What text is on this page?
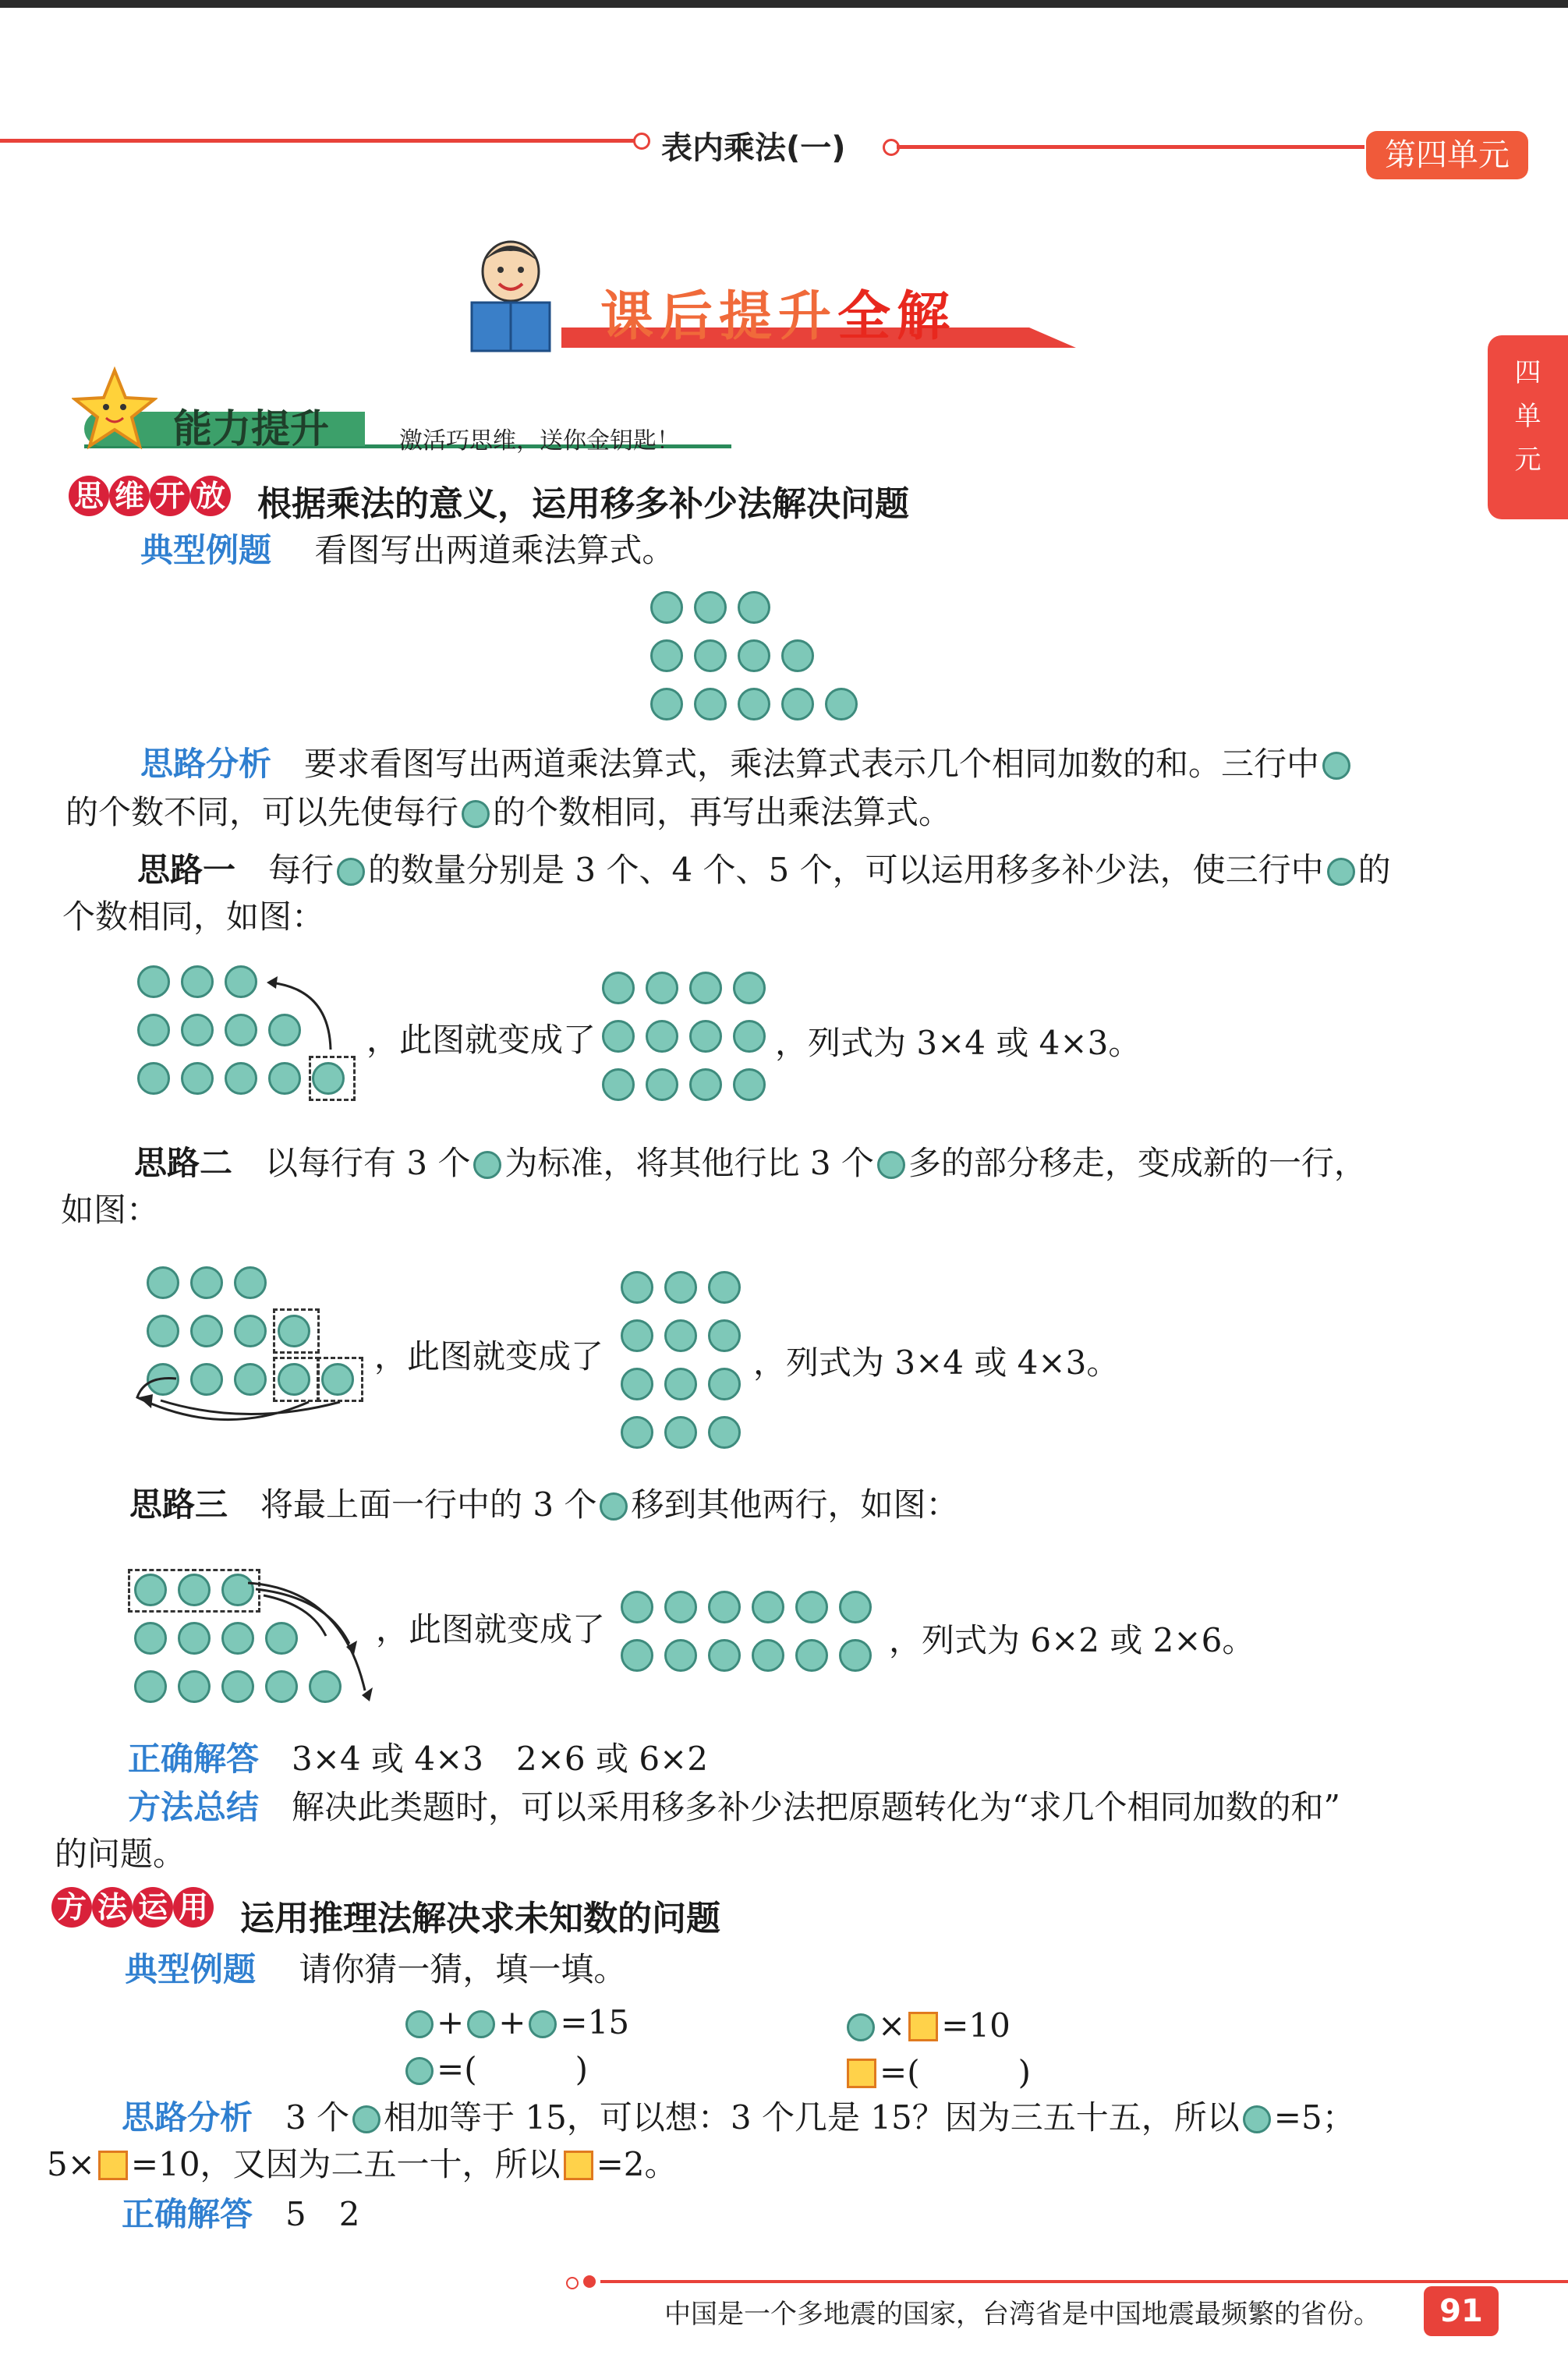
表内乘法(一)	第四单元
四
单
元
课后提升全解
能力提升	激活巧思维，送你金钥匙！
思 维 开 放 根据乘法的意义，运用移多补少法解决问题
典型例题　 看图写出两道乘法算式。
思路分析　 要求看图写出两道乘法算式，乘法算式表示几个相同加数的和。三行中
的个数不同，可以先使每行 的个数相同，再写出乘法算式。
思路一　 每行 的数量分别是 3 个、4 个、5 个，可以运用移多补少法，使三行中 的
个数相同，如图：
，此图就变成了	，列式为 3×4 或 4×3。
思路二　 以每行有 3 个 为标准，将其他行比 3 个 多的部分移走，变成新的一行，
如图：
，此图就变成了	，列式为 3×4 或 4×3。
思路三　 将最上面一行中的 3 个 移到其他两行，如图：
，此图就变成了	，列式为 6×2 或 2×6。
正确解答　 3×4 或 4×3　2×6 或 6×2
方法总结　 解决此类题时，可以采用移多补少法把原题转化为“求几个相同加数的和”
的问题。
方 法 运 用 运用推理法解决求未知数的问题
典型例题　 请你猜一猜，填一填。
+ + =15	× =10
=(　　　)	=(　　　)
思路分析　 3 个 相加等于 15，可以想：3 个几是 15？因为三五十五，所以 =5；
5× =10，又因为二五一十，所以 =2。
正确解答　 5　2
中国是一个多地震的国家，台湾省是中国地震最频繁的省份。	91
